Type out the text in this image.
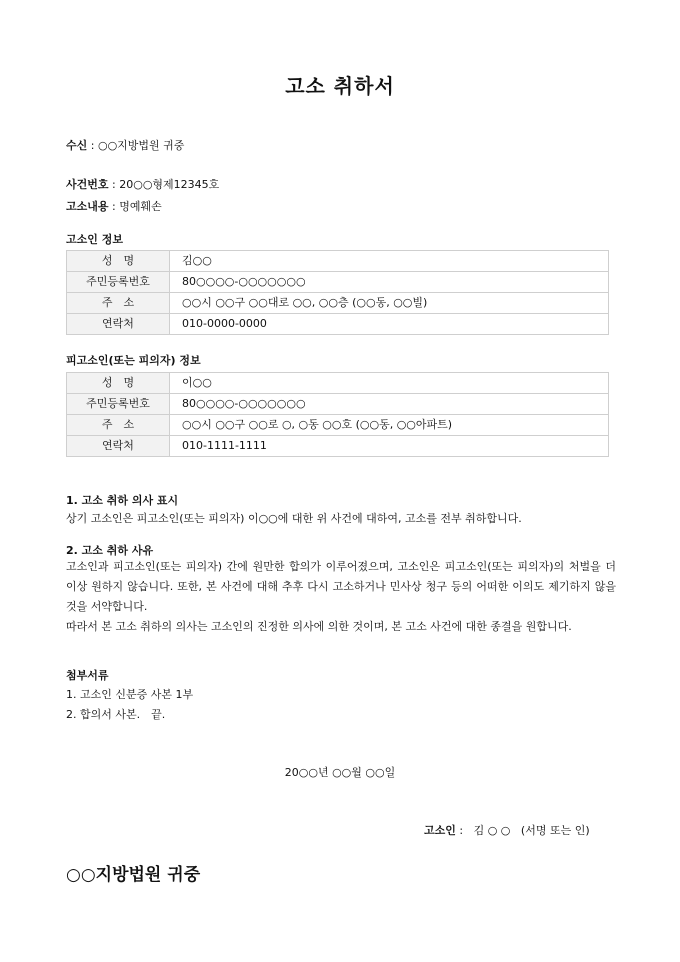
고소 취하서
수신 : ○○지방법원 귀중
사건번호 : 20○○형제12345호
고소내용 : 명예훼손
고소인 정보
성　명	김○○
주민등록번호	80○○○○-○○○○○○○
주　소	○○시 ○○구 ○○대로 ○○, ○○층 (○○동, ○○빌)
연락처	010-0000-0000
피고소인(또는 피의자) 정보
성　명	이○○
주민등록번호	80○○○○-○○○○○○○
주　소	○○시 ○○구 ○○로 ○, ○동 ○○호 (○○동, ○○아파트)
연락처	010-1111-1111
1. 고소 취하 의사 표시

상기 고소인은 피고소인(또는 피의자) 이○○에 대한 위 사건에 대하여, 고소를 전부 취하합니다.

2. 고소 취하 사유

고소인과 피고소인(또는 피의자) 간에 원만한 합의가 이루어졌으며, 고소인은 피고소인(또는 피의자)의 처벌을 더 이상 원하지 않습니다. 또한, 본 사건에 대해 추후 다시 고소하거나 민사상 청구 등의 어떠한 이의도 제기하지 않을 것을 서약합니다.

따라서 본 고소 취하의 의사는 고소인의 진정한 의사에 의한 것이며, 본 고소 사건에 대한 종결을 원합니다.

첨부서류
1. 고소인 신분증 사본 1부
2. 합의서 사본.　끝.
20○○년 ○○월 ○○일
고소인 :   김 ○ ○ (서명 또는 인)
○○지방법원 귀중
